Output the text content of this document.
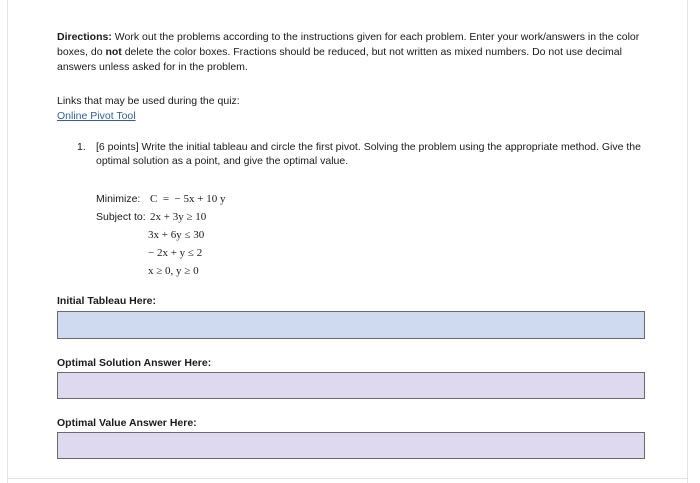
Directions: Work out the problems according to the instructions given for each problem. Enter your work/answers in the color boxes, do not delete the color boxes. Fractions should be reduced, but not written as mixed numbers. Do not use decimal answers unless asked for in the problem.
Links that may be used during the quiz:
Online Pivot Tool
1. [6 points] Write the initial tableau and circle the first pivot. Solving the problem using the appropriate method. Give the optimal solution as a point, and give the optimal value.
Minimize: C  =  − 5x + 10 y
Subject to: 2x + 3y ≥ 10
3x + 6y ≤ 30
− 2x + y ≤ 2
x ≥ 0, y ≥ 0
Initial Tableau Here:
Optimal Solution Answer Here:
Optimal Value Answer Here:
